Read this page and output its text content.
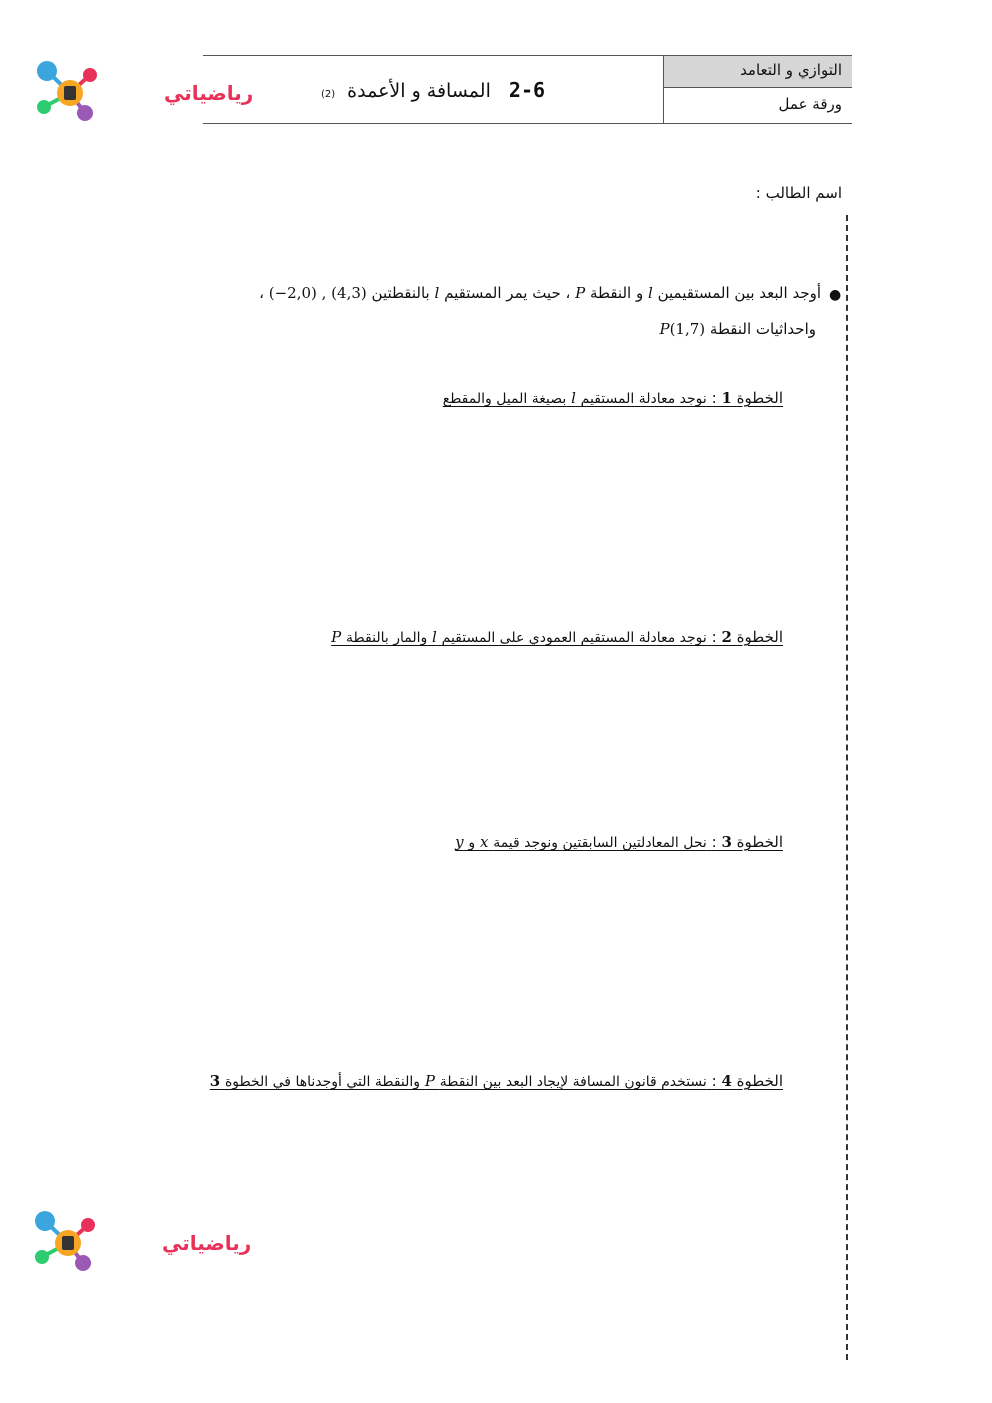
رياضياتي
رياضياتي
التوازي و التعامد
ورقة عمل
2-6 المسافة و الأعمدة (2)
اسم الطالب :
●
أوجد البعد بين المستقيمين l و النقطة P ، حيث يمر المستقيم l بالنقطتين (−2,0) , (4,3) ،
واحداثيات النقطة P(1,7)
الخطوة 1 : نوجد معادلة المستقيم l بصيغة الميل والمقطع
الخطوة 2 : نوجد معادلة المستقيم العمودي على المستقيم l والمار بالنقطة P
الخطوة 3 : نحل المعادلتين السابقتين ونوجد قيمة x و y
الخطوة 4 : نستخدم قانون المسافة لإيجاد البعد بين النقطة P والنقطة التي أوجدناها في الخطوة 3
